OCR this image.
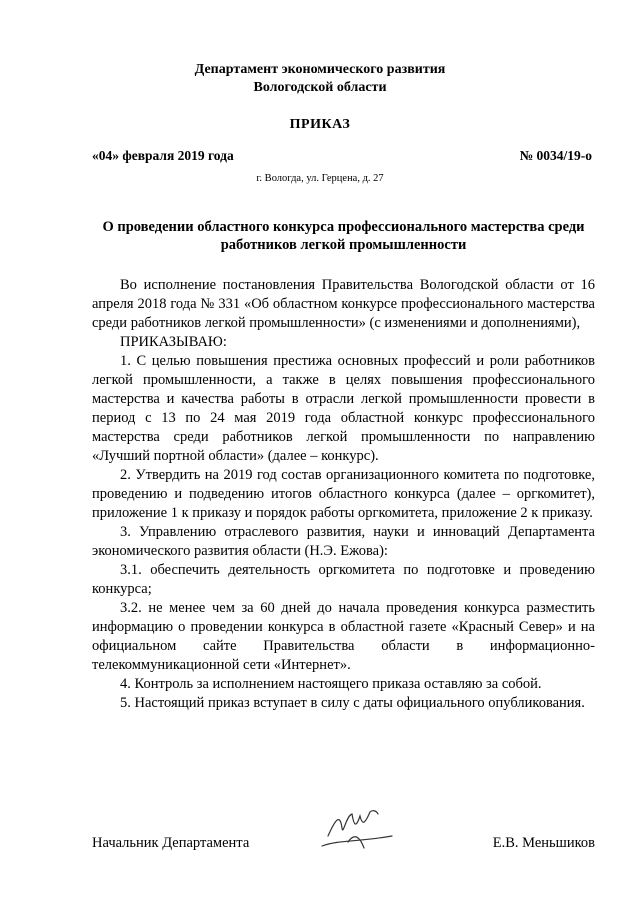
Департамент экономического развития
Вологодской области
ПРИКАЗ
«04» февраля 2019 года	№ 0034/19-о
г. Вологда, ул. Герцена, д. 27
О проведении областного конкурса профессионального мастерства среди работников легкой промышленности

Во исполнение постановления Правительства Вологодской области от 16 апреля 2018 года № 331 «Об областном конкурсе профессионального мастерства среди работников легкой промышленности» (с изменениями и дополнениями),

ПРИКАЗЫВАЮ:

1. С целью повышения престижа основных профессий и роли работников легкой промышленности, а также в целях повышения профессионального мастерства и качества работы в отрасли легкой промышленности провести в период с 13 по 24 мая 2019 года областной конкурс профессионального мастерства среди работников легкой промышленности по направлению «Лучший портной области» (далее – конкурс).

2. Утвердить на 2019 год состав организационного комитета по подготовке, проведению и подведению итогов областного конкурса (далее – оргкомитет), приложение 1 к приказу и порядок работы оргкомитета, приложение 2 к приказу.

3. Управлению отраслевого развития, науки и инноваций Департамента экономического развития области (Н.Э. Ежова):

3.1. обеспечить деятельность оргкомитета по подготовке и проведению конкурса;

3.2. не менее чем за 60 дней до начала проведения конкурса разместить информацию о проведении конкурса в областной газете «Красный Север» и на официальном сайте Правительства области в информационно-телекоммуникационной сети «Интернет».

4. Контроль за исполнением настоящего приказа оставляю за собой.

5. Настоящий приказ вступает в силу с даты официального опубликования.

Начальник Департамента	Е.В. Меньшиков
